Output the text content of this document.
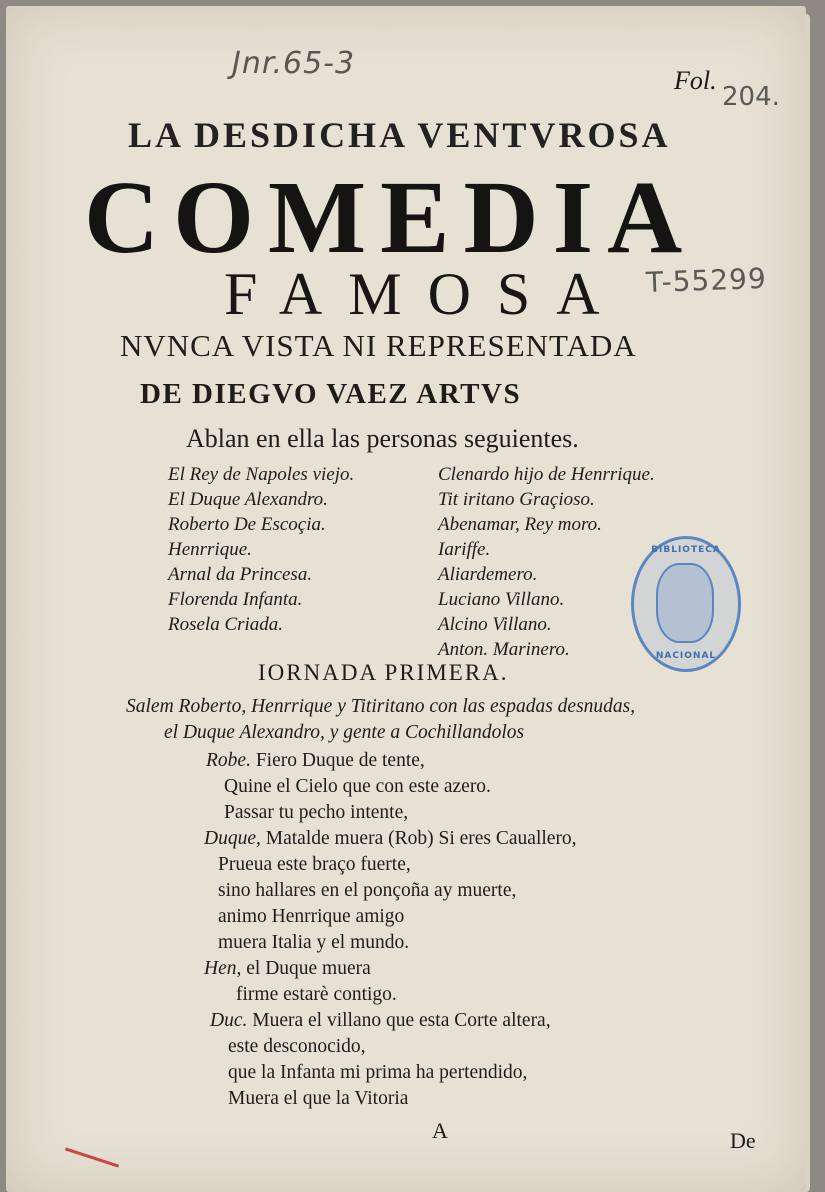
Jnr.65-3	Fol.
204.
T-55299
LA DESDICHA VENTVROSA
COMEDIA
FAMOSA
NVNCA VISTA NI REPRESENTADA
DE DIEGVO VAEZ ARTVS
Ablan en ella las personas seguientes.
El Rey de Napoles viejo.
El Duque Alexandro.
Roberto De Escoçia.
Henrrique.
Arnal da Princesa.
Florenda Infanta.
Rosela Criada.
Clenardo hijo de Henrrique.
Tit iritano Graçioso.
Abenamar, Rey moro.
Iariffe.
Aliardemero.
Luciano Villano.
Alcino Villano.
Anton. Marinero.
BIBLIOTECA
NACIONAL
IORNADA PRIMERA.
Salem Roberto, Henrrique y Titiritano con las espadas desnudas,
el Duque Alexandro, y gente a Cochillandolos
Robe. Fiero Duque de tente,
Quine el Cielo que con este azero.
Passar tu pecho intente,
Duque, Matalde muera (Rob) Si eres Cauallero,
Prueua este braço fuerte,
sino hallares en el ponçoña ay muerte,
animo Henrrique amigo
muera Italia y el mundo.
Hen, el Duque muera
firme estarè contigo.
Duc. Muera el villano que esta Corte altera,
este desconocido,
que la Infanta mi prima ha pertendido,
Muera el que la Vitoria
A	De
